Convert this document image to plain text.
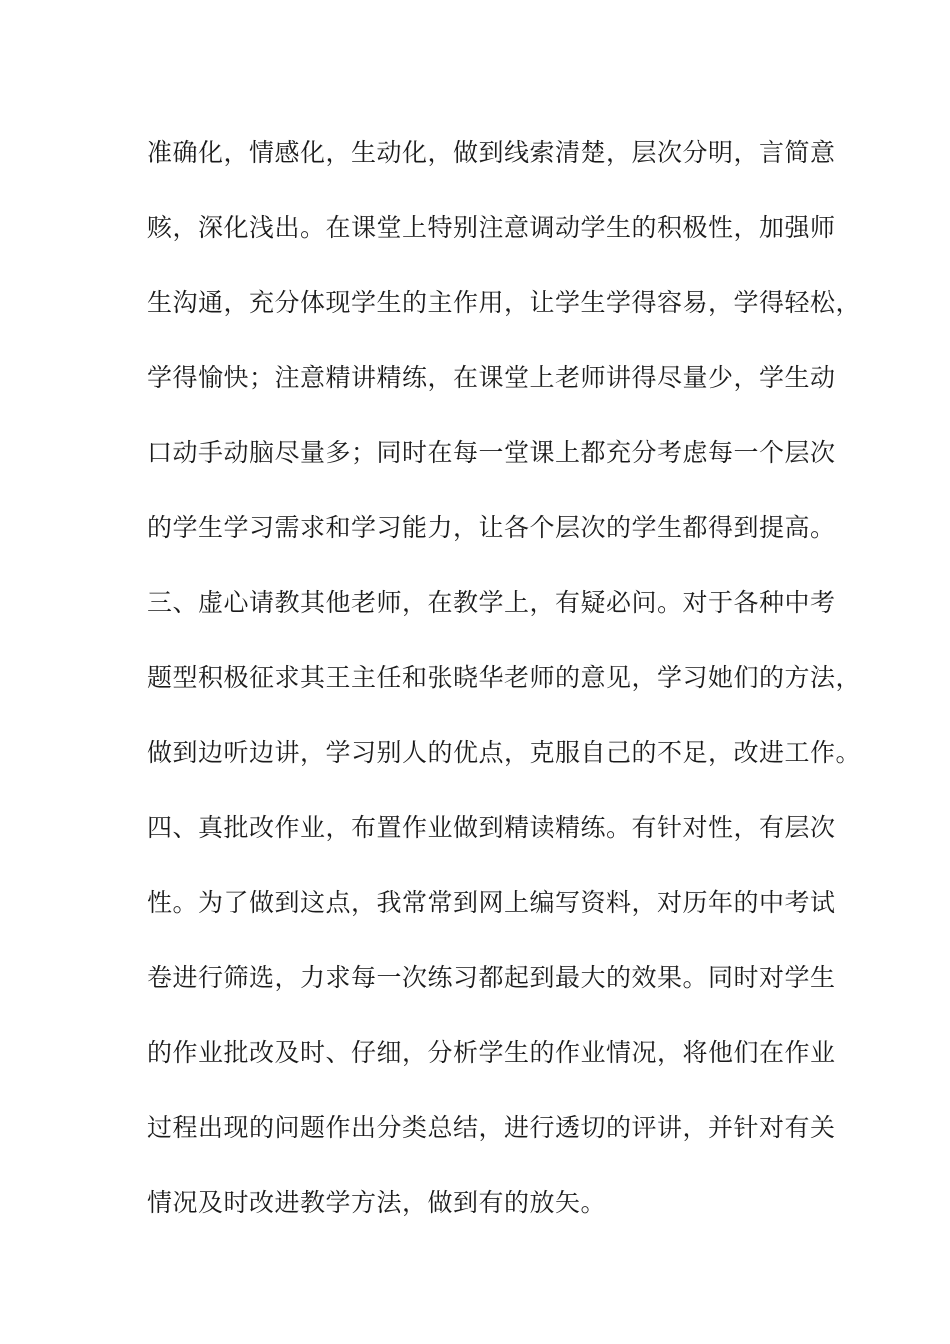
准确化，情感化，生动化，做到线索清楚，层次分明，言简意
赅，深化浅出。在课堂上特别注意调动学生的积极性，加强师
生沟通，充分体现学生的主作用，让学生学得容易，学得轻松，
学得愉快；注意精讲精练，在课堂上老师讲得尽量少，学生动
口动手动脑尽量多；同时在每一堂课上都充分考虑每一个层次
的学生学习需求和学习能力，让各个层次的学生都得到提高。
三、虚心请教其他老师，在教学上，有疑必问。对于各种中考
题型积极征求其王主任和张晓华老师的意见，学习她们的方法，
做到边听边讲，学习别人的优点，克服自己的不足，改进工作。
四、真批改作业，布置作业做到精读精练。有针对性，有层次
性。为了做到这点，我常常到网上编写资料，对历年的中考试
卷进行筛选，力求每一次练习都起到最大的效果。同时对学生
的作业批改及时、仔细，分析学生的作业情况，将他们在作业
过程出现的问题作出分类总结，进行透切的评讲，并针对有关
情况及时改进教学方法，做到有的放矢。
